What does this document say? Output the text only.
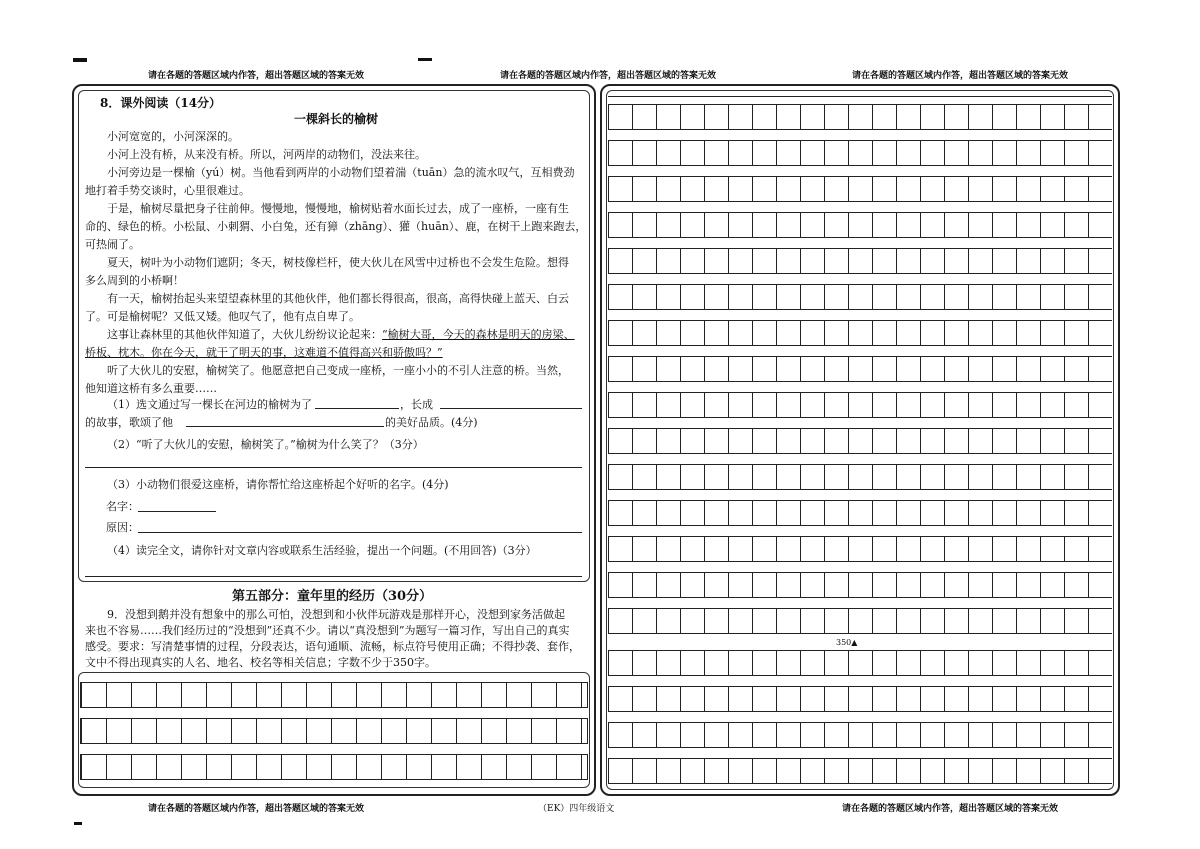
请在各题的答题区域内作答，超出答题区域的答案无效	请在各题的答题区域内作答，超出答题区域的答案无效	请在各题的答题区域内作答，超出答题区域的答案无效
8．课外阅读（14分）
一棵斜长的榆树
小河宽宽的，小河深深的。
小河上没有桥，从来没有桥。所以，河两岸的动物们，没法来往。
小河旁边是一棵榆（yú）树。当他看到两岸的小动物们望着湍（tuān）急的流水叹气，互相费劲
地打着手势交谈时，心里很难过。
于是，榆树尽量把身子往前伸。慢慢地，慢慢地，榆树贴着水面长过去，成了一座桥，一座有生
命的、绿色的桥。小松鼠、小刺猬、小白兔，还有獐（zhāng）、獾（huān）、鹿，在树干上跑来跑去，
可热闹了。
夏天，树叶为小动物们遮阴；冬天，树枝像栏杆，使大伙儿在风雪中过桥也不会发生危险。想得
多么周到的小桥啊！
有一天，榆树抬起头来望望森林里的其他伙伴，他们都长得很高，很高，高得快碰上蓝天、白云
了。可是榆树呢？又低又矮。他叹气了，他有点自卑了。
这事让森林里的其他伙伴知道了，大伙儿纷纷议论起来：“榆树大哥，今天的森林是明天的房梁、
桥板、枕木。你在今天，就干了明天的事，这难道不值得高兴和骄傲吗？”
听了大伙儿的安慰，榆树笑了。他愿意把自己变成一座桥，一座小小的不引人注意的桥。当然，
他知道这桥有多么重要……
（1）选文通过写一棵长在河边的榆树为了	，长成
的故事，歌颂了他	的美好品质。(4分)
（2）“听了大伙儿的安慰，榆树笑了。”榆树为什么笑了？（3分）
（3）小动物们很爱这座桥，请你帮忙给这座桥起个好听的名字。(4分)
名字：
原因：
（4）读完全文，请你针对文章内容或联系生活经验，提出一个问题。(不用回答)（3分）
第五部分：童年里的经历（30分）
9．没想到鹅并没有想象中的那么可怕，没想到和小伙伴玩游戏是那样开心，没想到家务活做起
来也不容易……我们经历过的“没想到”还真不少。请以“真没想到”为题写一篇习作，写出自己的真实
感受。要求：写清楚事情的过程，分段表达，语句通顺、流畅，标点符号使用正确；不得抄袭、套作，
文中不得出现真实的人名、地名、校名等相关信息；字数不少于350字。
350▲
请在各题的答题区域内作答，超出答题区域的答案无效	（EK）四年级语文	请在各题的答题区域内作答，超出答题区域的答案无效
